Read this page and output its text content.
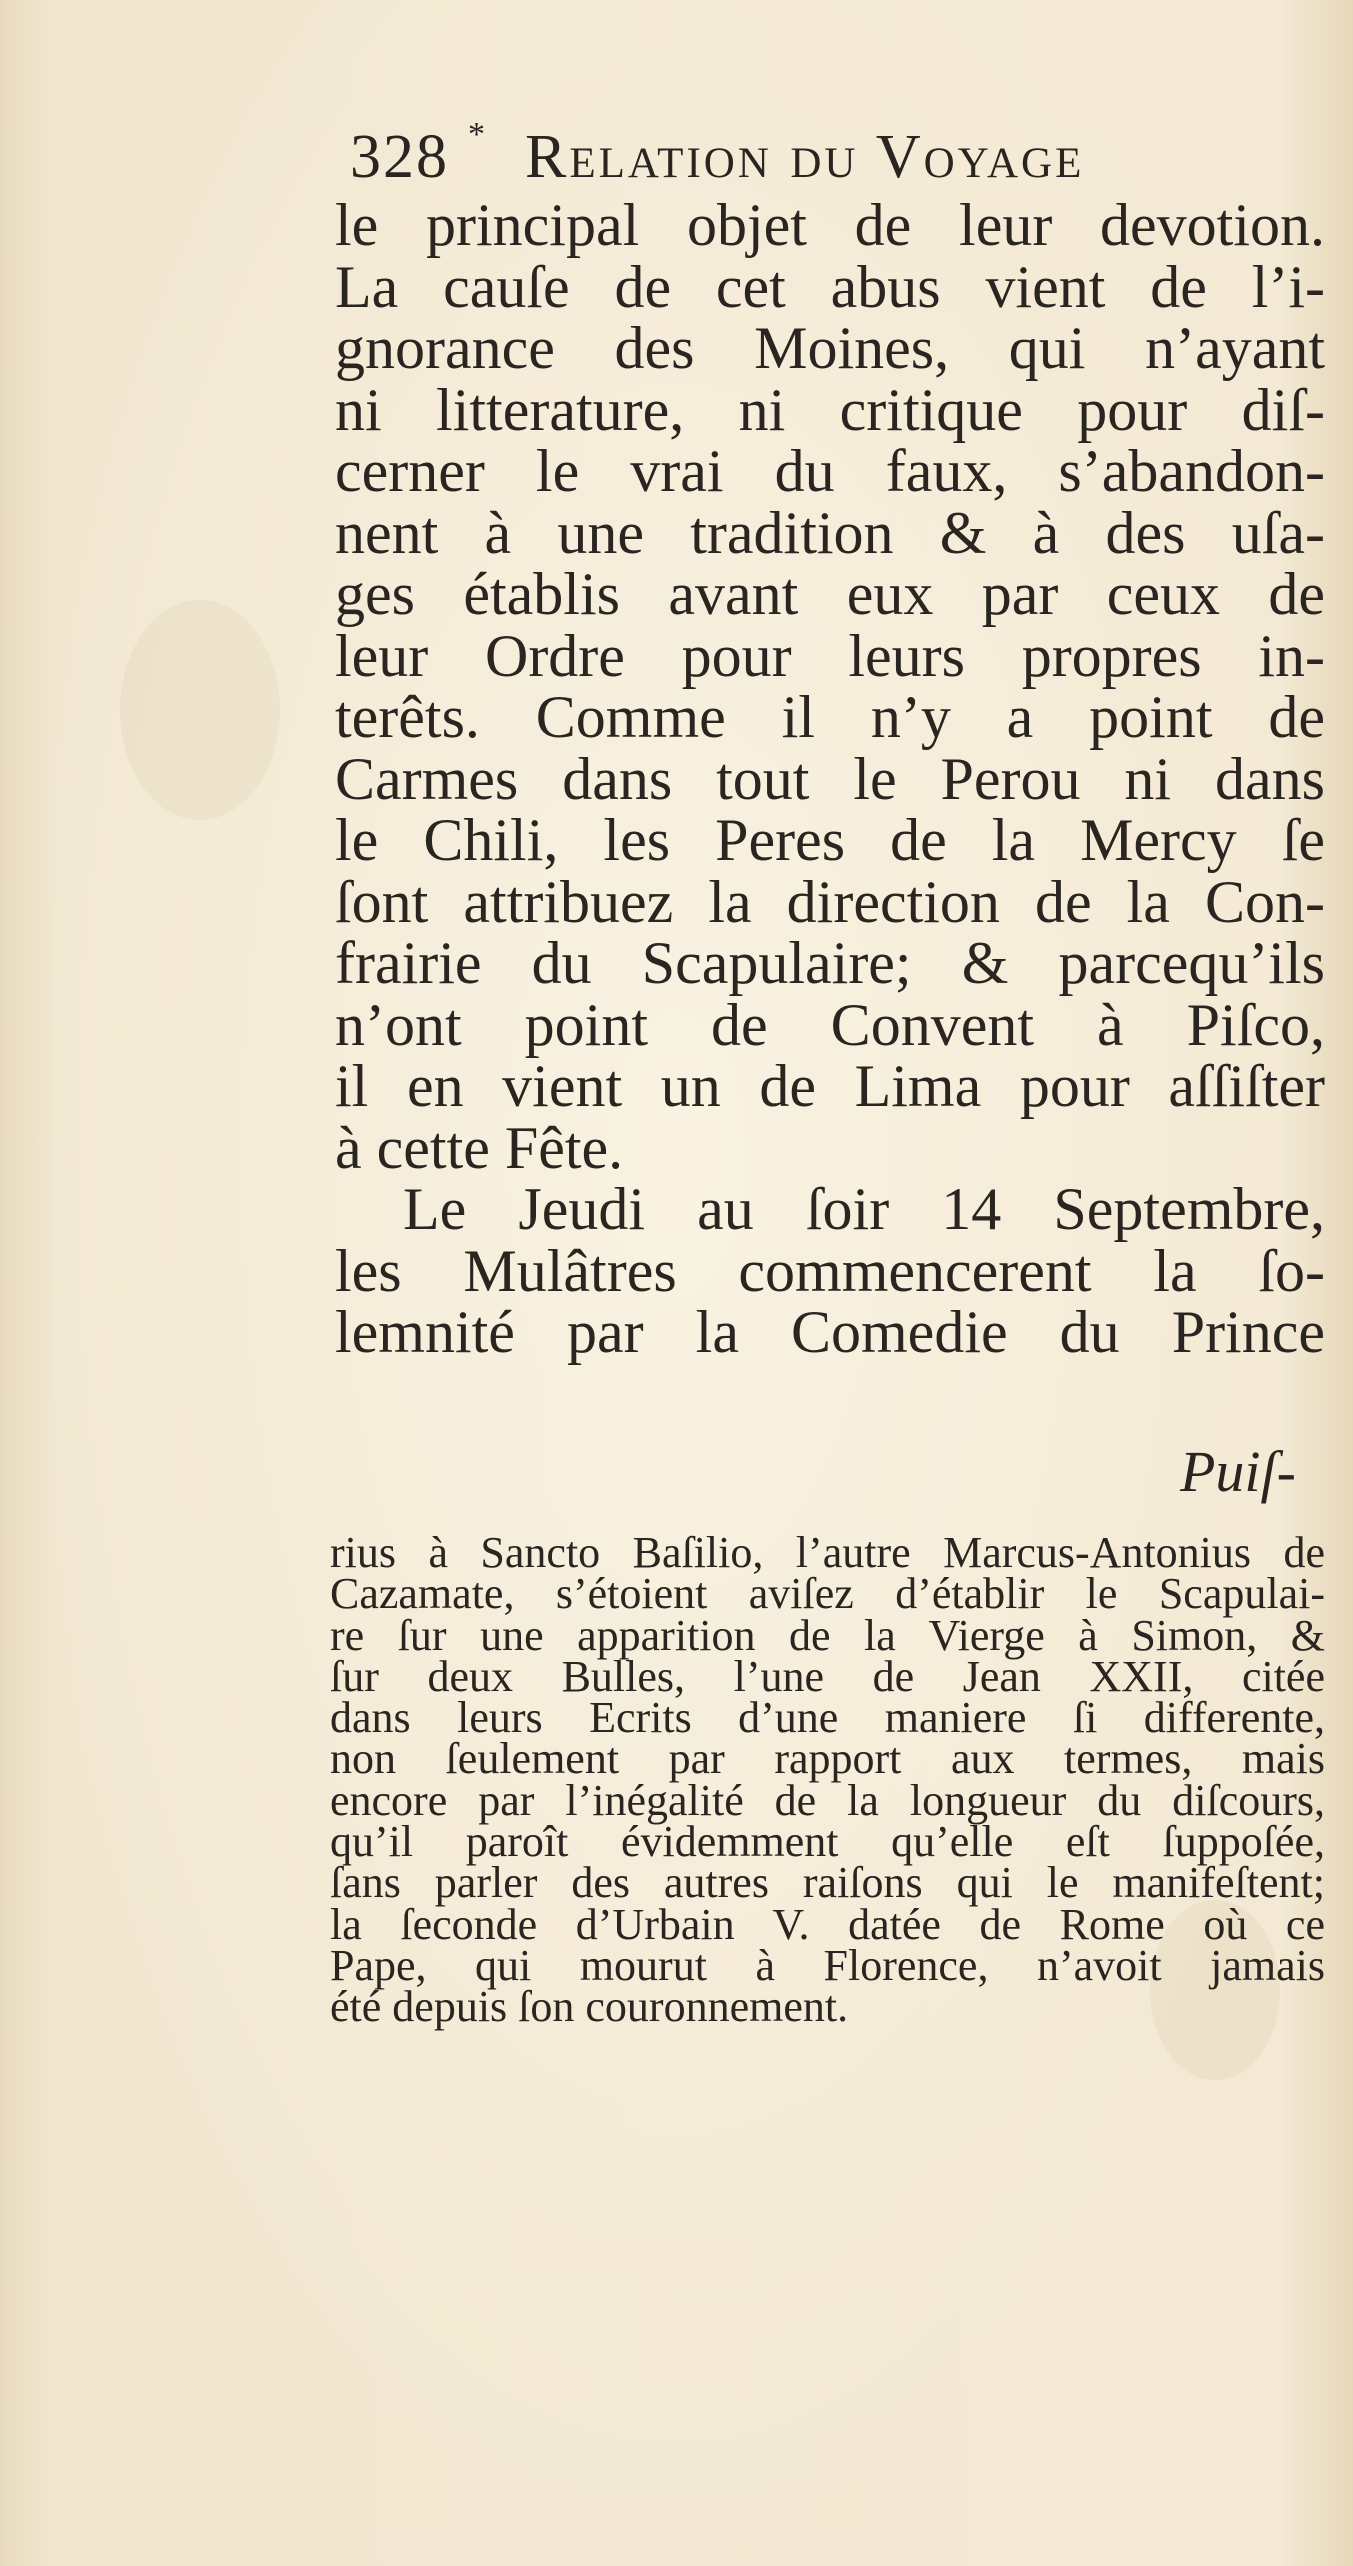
328 * Relation du Voyage
le principal objet de leur devotion.
La cauſe de cet abus vient de l’i-
gnorance des Moines, qui n’ayant
ni litterature, ni critique pour diſ-
cerner le vrai du faux, s’abandon-
nent à une tradition & à des uſa-
ges établis avant eux par ceux de
leur Ordre pour leurs propres in-
terêts. Comme il n’y a point de
Carmes dans tout le Perou ni dans
le Chili, les Peres de la Mercy ſe
ſont attribuez la direction de la Con-
frairie du Scapulaire; & parcequ’ils
n’ont point de Convent à Piſco,
il en vient un de Lima pour aſſiſter
à cette Fête.
Le Jeudi au ſoir 14 Septembre,
les Mulâtres commencerent la ſo-
lemnité par la Comedie du Prince
Puiſ-
rius à Sancto Baſilio, l’autre Marcus-Antonius de
Cazamate, s’étoient aviſez d’établir le Scapulai-
re ſur une apparition de la Vierge à Simon, &
ſur deux Bulles, l’une de Jean XXII, citée
dans leurs Ecrits d’une maniere ſi differente,
non ſeulement par rapport aux termes, mais
encore par l’inégalité de la longueur du diſcours,
qu’il paroît évidemment qu’elle eſt ſuppoſée,
ſans parler des autres raiſons qui le manifeſtent;
la ſeconde d’Urbain V. datée de Rome où ce
Pape, qui mourut à Florence, n’avoit jamais
été depuis ſon couronnement.
